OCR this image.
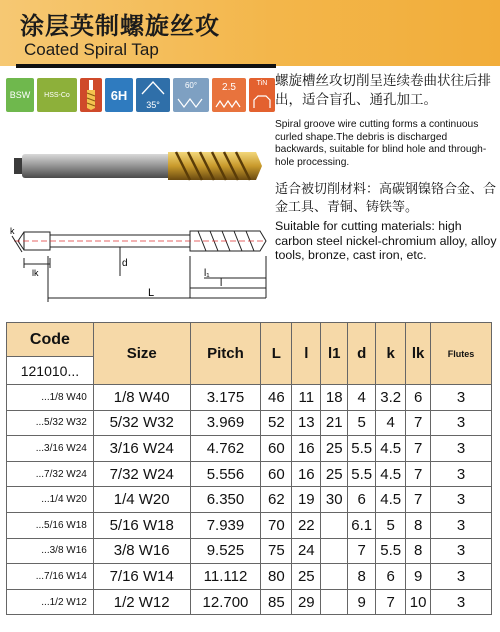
涂层英制螺旋丝攻
Coated Spiral Tap
BSW	HSS-Co	6H
35°
60°	2.5	TiN 螺旋槽丝攻切削呈连续卷曲状往后排出，适合盲孔、通孔加工。
Spiral groove wire cutting forms a continuous curled shape.The debris is discharged backwards, suitable for blind hole and through-hole processing.
适合被切削材料：高碳钢镍铬合金、合金工具、青铜、铸铁等。
Suitable for cutting materials: high carbon steel nickel-chromium alloy, alloy tools, bronze, cast iron, etc.
lk
d
l₁
l
L
k
Code	Size	Pitch	L	l	l1	d	k	lk	Flutes
121010...									
...1/8 W40	1/8 W40	3.175	46	11	18	4	3.2	6	3
...5/32 W32	5/32 W32	3.969	52	13	21	5	4	7	3
...3/16 W24	3/16 W24	4.762	60	16	25	5.5	4.5	7	3
...7/32 W24	7/32 W24	5.556	60	16	25	5.5	4.5	7	3
...1/4 W20	1/4 W20	6.350	62	19	30	6	4.5	7	3
...5/16 W18	5/16 W18	7.939	70	22		6.1	5	8	3
...3/8 W16	3/8 W16	9.525	75	24		7	5.5	8	3
...7/16 W14	7/16 W14	11.112	80	25		8	6	9	3
...1/2 W12	1/2 W12	12.700	85	29		9	7	10	3
